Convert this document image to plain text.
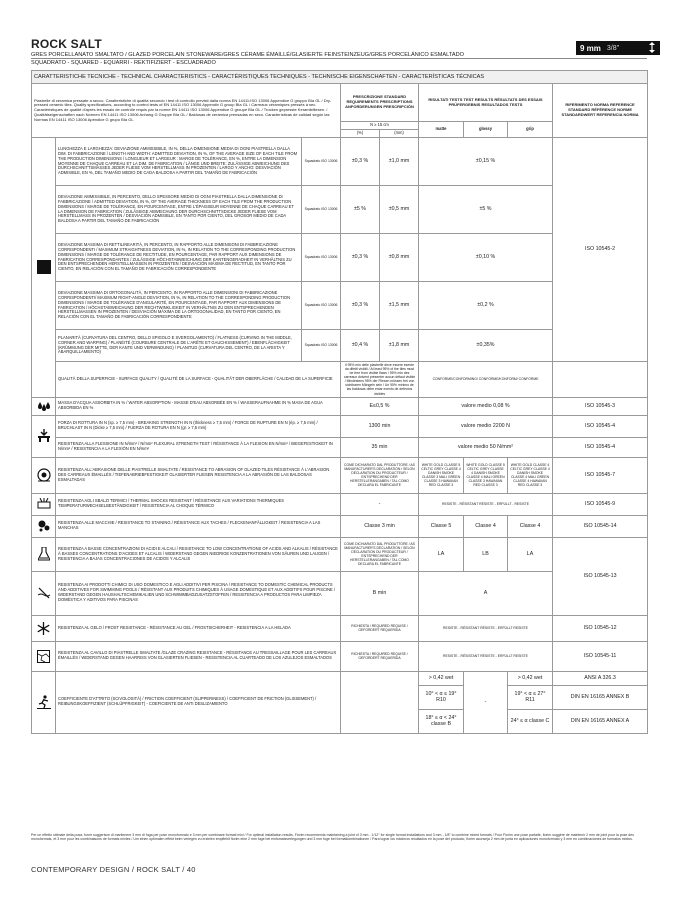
ROCK SALT
GRES PORCELLANATO SMALTATO / GLAZED PORCELAIN STONEWARE/GRES CÉRAME ÉMAILLÉ/GLASIERTE FEINSTEINZEUG/GRES PORCELÁNICO ESMALTADO
SQUADRATO - SQUARED - EQUARRI - REKTIFIZIERT - ESCUADRADO
9 mm 3/8"
CARATTERISTICHE TECNICHE - TECHNICAL CHARACTERISTICS - CARACTÉRISTIQUES TECHNIQUES - TECHNISCHE EIGENSCHAFTEN - CARACTERÍSTICAS TÉCNICAS								
Piastrelle di ceramica pressate a secco. Caratteristiche di qualità secondo i test di controllo previsti dalla norma EN 14411:ISO 13006 Appendice G gruppo BIa GL / Dry-pressed ceramic tiles. Quality specifications, according to control tests of EN 14411 ISO 13006 Appendix G group BIa GL / Carreaux céramiques pressés à sec. Caractéristiques de qualité d'après les essais de contrôle requis par la norme EN 14411 ISO 13006 Appendice G groupe BIa GL / Trocken gepresste Keramikfliesen. / Qualitätseigenschaften nach Normen EN 14411 ISO 13006 Anhang G Gruppe BIa GL / Baldosas de cerámica prensadas en seco. Características de calidad según las Normas EN 14411 ISO 13006 Apéndice G grupo BIa GL			PRESCRIZIONE STANDARD REQUIREMENTS PRESCRIPTIONS ANFORDERUNGEN PRESCRIPCIÓN		RISULTATI TESTS TEST RESULTS RÉSULTATS DES ESSAIS PRÜFERGEBNIS RESULTADOS TESTS			RIFERIMENTO NORMA REFERENCE STANDARD RÉFÉRENCE NORME STANDARDWERT REFERENCIA NORMA
			N ≥ 15 cm		matte	glossy	grip	
			(%)	(mm)				

	LUNGHEZZA E LARGHEZZA: DEVIAZIONE AMMISSIBILE, IN %, DELLA DIMENSIONE MEDIA DI OGNI PIASTRELLA DALLA DIM. DI FABBRICAZIONE / LENGTH AND WIDTH: ADMITTED DEVIATION, IN %, OF THE AVERAGE SIZE OF EACH TILE FROM THE PRODUCTION DIMENSIONS / LONGUEUR ET LARGEUR : MARGE DE TOLÉRANCE, EN %, ENTRE LA DIMENSION MOYENNE DE CHAQUE CARREAU ET LA DIM. DE FABRICATION / LÄNGE UND BREITE: ZULÄSSIGE ABWEICHUNG DES DURCHSCHNITTSMASSES JEDER FLIESE VOM HERSTELLMASS IN PROZENTEN / LARGO Y ANCHO: DESVIACIÓN ADMISIBLE, EN %, DEL TAMAÑO MEDIO DE CADA BALDOSA A PARTIR DEL TAMAÑO DE FABRICACIÓN	Squadrato ISO 13006	±0,3 %	±1,0 mm	±0,15 %			ISO 10545-2
	DEVIAZIONE AMMISSIBILE, IN PERCENTO, DELLO SPESSORE MEDIO DI OGNI PIASTRELLA DALLA DIMENSIONE DI FABBRICAZIONE / ADMITTED DEVIATION, IN %, OF THE AVERAGE THICKNESS OF EACH TILE FROM THE PRODUCTION DIMENSIONS / MARGE DE TOLÉRANCE, EN POURCENTAGE, ENTRE L'ÉPAISSEUR MOYENNE DE CHAQUE CARREAU ET LA DIMENSION DE FABRICATION / ZULÄSSIGE ABWEICHUNG DER DURCHSCHNITTSDICKE JEDER FLIESE VOM HERSTELLMASS IN PROZENTEN / DESVIACIÓN ADMISIBLE, EN TANTO POR CIENTO, DEL GROSOR MEDIO DE CADA BALDOSA A PARTIR DEL TAMAÑO DE FABRICACIÓN	Squadrato ISO 13006	±5 %	±0,5 mm	±5 %			
	DEVIAZIONE MASSIMA DI RETTILINEARITÀ, IN PERCENTO, IN RAPPORTO ALLE DIMENSIONI DI FABBRICAZIONE CORRISPONDENTI / MAXIMUM STRAIGHTNESS DEVIATION, IN %, IN RELATION TO THE CORRESPONDING PRODUCTION DIMENSIONS / MARGE DE TOLÉRANCE DE RECTITUDE, EN POURCENTAGE, PAR RAPPORT AUX DIMENSIONS DE FABRICATION CORRESPONDANTES / ZULÄSSIGE HÖCHSTABWEICHUNG DER KANTENGERADHEIT IN VERHÄLTNIS ZU DEN ENTSPRECHENDEN HERSTELLMASSEN IN PROZENTEN / DESVIACIÓN MÁXIMA DE RECTITUD, EN TANTO POR CIENTO, EN RELACIÓN CON EL TAMAÑO DE FABRICACIÓN CORRESPONDIENTE	Squadrato ISO 13006	±0,3 %	±0,8 mm	±0,10 %			
	DEVIAZIONE MASSIMA DI ORTOGONALITÀ, IN PERCENTO, IN RAPPORTO ALLE DIMENSIONI DI FABBRICAZIONE CORRISPONDENTI/ MAXIMUM RIGHT-ANGLE DEVIATION, IN %, IN RELATION TO THE CORRESPONDING PRODUCTION DIMENSIONS / MARGE DE TOLÉRANCE D'ANGULARITÉ, EN POURCENTAGE, PAR RAPPORT AUX DIMENSIONS DE FABRICATION / HÖCHSTABWEICHUNG DER RECHTWINKLIGKEIT IN VERHÄLTNIS ZU DEN ENTSPRECHENDEN HERSTELLMASSEN IN PROZENTEN / DESVIACIÓN MÁXIMA DE LA ORTOGONALIDAD, EN TANTO POR CIENTO, EN RELACIÓN CON EL TAMAÑO DE FABRICACIÓN CORRESPONDIENTE	Squadrato ISO 13006	±0,3 %	±1,5 mm	±0,2 %			
	PLANARITÀ (CURVATURA DEL CENTRO, DELLO SPIGOLO E SVERGOLAMENTO) / FLATNESS (CURVING IN THE MIDDLE, CORNER AND WARPING) / PLANÉITÉ (COURBURE CENTRALE DE L'ARÊTE ET GAUCHISSEMENT) / EBENFLÄCHIGKEIT (KRÜMMUNG DER MITTE, DER KANTE UND VERWINDUNG) / PLANITUD (CURVATURA DEL CENTRO, DE LA ARISTA Y ABARQUILLAMIENTO)	Squadrato ISO 13006	±0,4 %	±1,8 mm	±0,35%			
	QUALITÀ DELLA SUPERFICIE - SURFACE QUALITY / QUALITÉ DE LA SURFACE - QUALITÄT DER OBERFLÄCHE / CALIDAD DE LA SUPERFICIE		Il 95% min delle piastrelle deve essere esente da difetti visibili / At least 95% of the tiles must be free from visible flaws / 95% min des carreaux doivent présenter aucun défaut visible / Mindestens 95% der Fliesen müssen frei von sichtbaren Mängeln sein / Un 95% mínimo de las baldosas debe estar exento de defectos visibles		CONFORME/CONFORMING/ CONFORME/KONFORM/ CONFORME			

	MASSA D'ACQUA ASSORBITA IN % / WATER ABSORPTION - MASSE D'EAU ABSORBÉE EN % / WASSERAUFNAHME IN % MASA DE AGUA ABSORBIDA EN %		E≤0,5 %		valore medio 0,08 %			ISO 10545-3

	FORZA DI ROTTURA IN N (sp. ≥ 7,5 mm) - BREAKING STRENGTH IN N (thickness ≥ 7,5 mm) / FORCE DE RUPTURE EN N (ép. ≥ 7,5 mm) / BRUCHLAST IN N (Dicke ≥ 7,5 mm) / FUERZA DE ROTURA EN N (gr. ≥ 7,5 mm)		1300 min		valore medio 2200 N			ISO 10545-4
	RESISTENZA ALLA FLESSIONE IN N/mm² / N/mm² FLEXURAL STRENGTH TEST / RÉSISTANCE À LA FLEXION EN N/mm² / BIEGEFESTIGKEIT IN N/mm² / RESISTENCIA A LA FLEXIÓN EN N/mm²		35 min		valore medio 50 N/mm²			ISO 10545-4

	RESISTENZA ALL'ABRASIONE DELLE PIASTRELLE SMALTATE / RESISTANCE TO ABRASION OF GLAZED TILES RÉSISTANCE À L'ABRASION DES CARREAUX ÉMAILLÉS / TIEFENABRIEBFESTIGKEIT GLASIERTER FLIESEN RESISTENCIA A LA ABRASIÓN DE LAS BALDOSAS ESMALTADAS		COME DICHIARATO DAL PRODUTTORE / AS MANUFACTURER'S DECLARATION / SELON DÉCLARATION DU PRODUCTEUR / ENTSPRECHEND DER HERSTELLERANGABEN / TAL COMO DECLARA EL FABRICANTE		WHITE GOLD CLASSE 5 CELTIC GREY CLASSE 4 DANISH SMOKE CLASSE 3 MALI GREEN CLASSE 3 HAWAIIAN RED CLASSE 3	WHITE GOLD CLASSE 5 CELTIC GREY CLASSE 4 DANISH SMOKE CLASSE 4 MALI GREEN CLASSE 3 HAWAIIAN RED CLASSE 3	WHITE GOLD CLASSE 4 CELTIC GREY CLASSE 4 DANISH SMOKE CLASSE 4 MALI GREEN CLASSE 4 HAWAIIAN RED CLASSE 3	ISO 10545-7

	RESISTENZA AGLI SBALZI TERMICI / THERMAL SHOCKS RESISTANT / RÉSISTANCE AUX VARIATIONS THERMIQUES TEMPERATURWECHSELBESTÄNDIGKEIT / RESISTENCIA AL CHOQUE TÉRMICO		-		RESISTE - RÉSISTANT RÉSISTE - ERFÜLLT - RESISTE			ISO 10545-9

	RESISTENZA ALLE MACCHIE / RESISTANCE TO STAINING / RÉSISTANCE AUX TACHES / FLECKENANFÄLLIGKEIT / RESISTENCIA A LAS MANCHAS		Classe 3 min		Classe 5	Classe 4	Classe 4	ISO 10545-14

	RESISTENZA A BASSE CONCENTRAZIONI DI ACIDI E ALCALI / RESISTANCE TO LOW CONCENTRATIONS OF ACIDS AND ALKALIS / RÉSISTANCE À BASSES CONCENTRATIONS D'ACIDES ET ALCALIS / WIDERSTAND GEGEN NIEDRIGE KONZENTRATIONEN VON SÄUREN UND LAUGEN / RESISTENCIA A BAJAS CONCENTRACIONES DE ACIDOS Y ALCALIS		COME DICHIARATO DAL PRODUTTORE / AS MANUFACTURER'S DECLARATION / SELON DÉCLARATION DU PRODUCTEUR / ENTSPRECHEND DER HERSTELLERANGABEN / TAL COMO DECLARA EL FABRICANTE		LA	LB	LA	ISO 10545-13

	RESISTENZA AI PRODOTTI CHIMICI DI USO DOMESTICO E AGLI ADDITIVI PER PISCINA / RESISTANCE TO DOMESTIC CHEMICAL PRODUCTS AND ADDITIVES FOR SWIMMING POOLS / RÉSISTANT AUX PRODUITS CHIMIQUES À USAGE DOMESTIQUE ET AUX ADDITIFS POUR PISCINE / WIDERSTAND GEGEN HAUSHALTSCHEMIKALIEN UND SCHWIMMBADZUSATZSTOFFEN / RESISTENCIA A PRODUCTOS PARA LIMPIEZA DOMÉSTICA Y ADITIVOS PARA PISCINAS		B min		A			

	RESISTENZA AL GELO / FROST RESISTANCE - RÉSISTANCE AU GEL / FROSTSICHERHEIT - RESISTENCIA A LA HELADA		RICHIESTA / REQUIRED REQUISE / GEFORDERT REQUERIDA		RESISTE - RÉSISTANT RÉSISTE - ERFÜLLT RESISTE			ISO 10545-12

	RESISTENZA AL CAVILLO DI PIASTRELLE SMALTATE /GLAZE CRAZING RESISTANCE - RÉSISTANCE AU TRESSAILLAGE POUR LES CARREAUX ÉMAILLÉS / WIDERSTAND GEGEN HAARRISS VON GLASIERTEN FLIESEN - RESISTENCIA AL CUARTEADO DE LOS AZULEJOS ESMALTADOS		RICHIESTA / REQUIRED REQUISE / GEFORDERT REQUERIDA		RESISTE - RÉSISTANT RÉSISTE - ERFÜLLT RESISTE			ISO 10545-11

	COEFFICIENTE D'ATTRITO (SCIVOLOSITÀ) / FRICTION COEFFICIENT (SLIPPERINESS) / COEFFICIENT DE FRICTION (GLISSEMENT) / REIBUNGSKOEFFIZIENT (SCHLÜPFRIGKEIT) - COEFICIENTE DE ANTI DESLIZAMIENTO				> 0,42 wet	-	> 0,42 wet	ANSI A 326.3
					10° < α ≤ 19° R10		19° < α ≤ 27° R11	DIN EN 16165 ANNEX B
					18° ≤ α < 24° classe B		24° ≤ α classe C	DIN EN 16165 ANNEX A
Per un effetto ottimale della posa, fornir suggerisce di mantenere 3 mm di fuga per pose monoformato e 3 mm per combinare formati mixi / For optimal installation results, Fiorim recommends maintaining a joint of 3 mm - 1/12" for single format installations and 3 mm - 1/8" to combine mixed formats / Pour Fiorim une pose parfaite, fiorim suggère de maintenir 2 mm de joint pour la pose des monoformats, et 3 mm pour les combinaisons de formats mixtes / Um einen optimalen effekt beim verlegen zu erzielen empfiehlt fiorim eine 2 mm fuge bei einfomatsverlegungen und 3 mm fuge bei formatkombinationen / Para lograr los máximos resultados en la pose del producto, fiorim aconseja 2 mm de junta en aplicaciones monoformato y 3 mm en combinaciones de formatos mixtos.
CONTEMPORARY DESIGN / ROCK SALT / 40
